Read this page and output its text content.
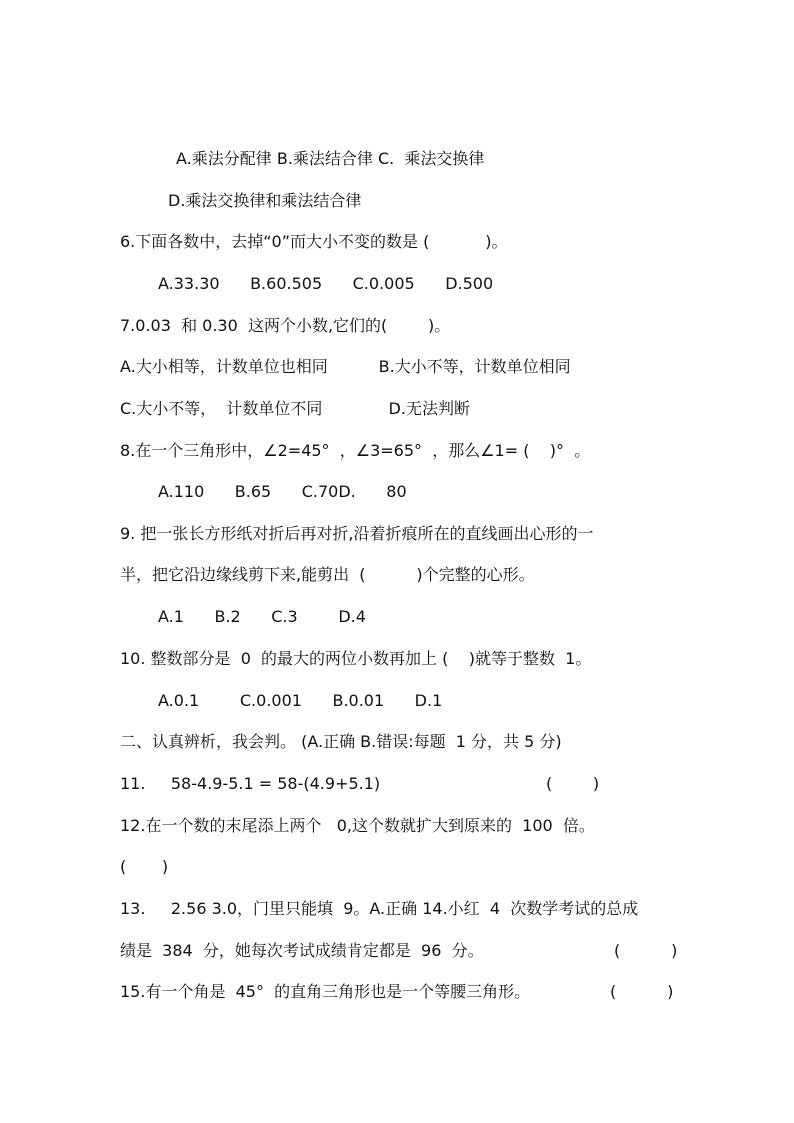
A.乘法分配律 B.乘法结合律 C.  乘法交换律
D.乘法交换律和乘法结合律
6.下面各数中，去掉“0”而大小不变的数是 (           )。
A.33.30      B.60.505      C.0.005      D.500
7.0.03  和 0.30  这两个小数,它们的(        )。
A.大小相等，计数单位也相同          B.大小不等，计数单位相同
C.大小不等，  计数单位不同             D.无法判断
8.在一个三角形中，∠2=45°  ，∠3=65°  ，那么∠1= (    )°  。
A.110      B.65      C.70D.      80
9. 把一张长方形纸对折后再对折,沿着折痕所在的直线画出心形的一
半，把它沿边缘线剪下来,能剪出  (          )个完整的心形。
A.1      B.2      C.3        D.4
10. 整数部分是  0  的最大的两位小数再加上 (    )就等于整数  1。
A.0.1        C.0.001      B.0.01      D.1
二、认真辨析，我会判。 (A.正确 B.错误:每题  1 分，共 5 分)
11.     58-4.9-5.1 = 58-(4.9+5.1)	(        )
12.在一个数的末尾添上两个   0,这个数就扩大到原来的  100  倍。
(       )
13.     2.56 3.0，门里只能填  9。A.正确 14.小红  4  次数学考试的总成
绩是  384  分，她每次考试成绩肯定都是  96  分。	(          )
15.有一个角是  45°  的直角三角形也是一个等腰三角形。	(          )
